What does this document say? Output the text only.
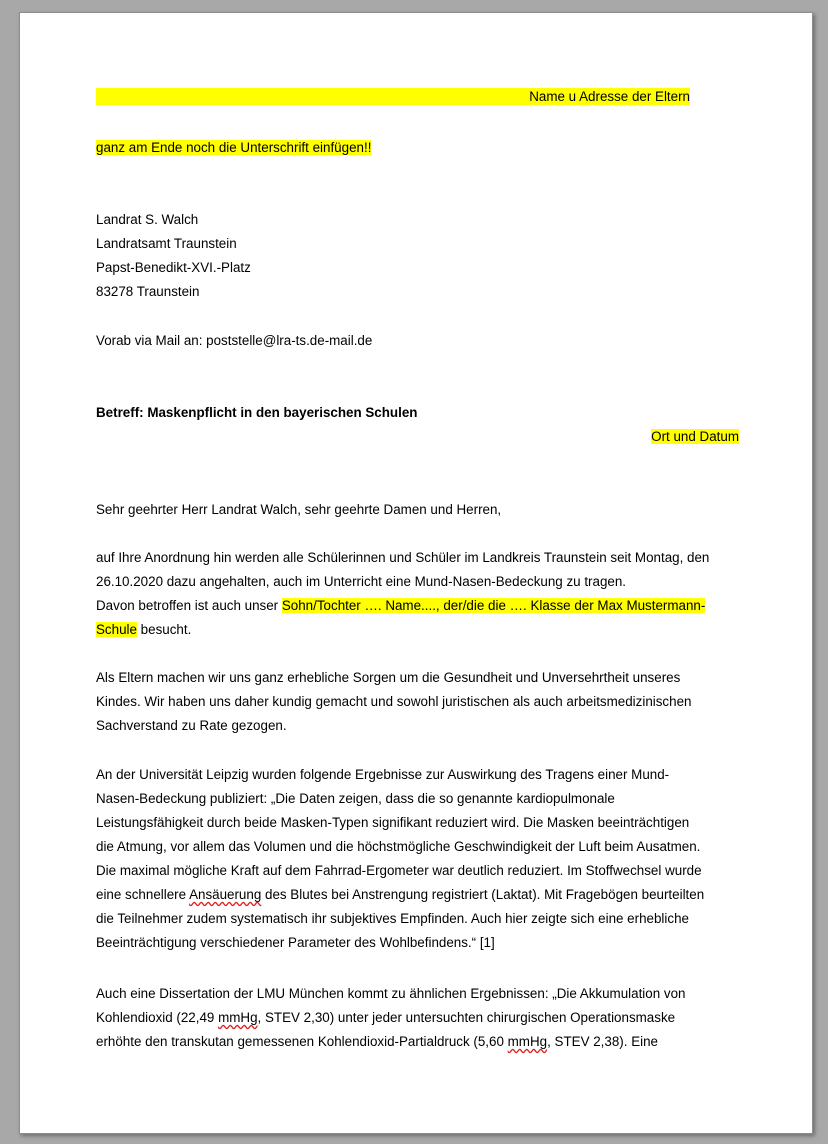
Name u Adresse der Eltern
ganz am Ende noch die Unterschrift einfügen!!
Landrat S. Walch
Landratsamt Traunstein
Papst-Benedikt-XVI.-Platz
83278 Traunstein
Vorab via Mail an: poststelle@lra-ts.de-mail.de
Betreff: Maskenpflicht in den bayerischen Schulen
Ort und Datum
Sehr geehrter Herr Landrat Walch, sehr geehrte Damen und Herren,
auf Ihre Anordnung hin werden alle Schülerinnen und Schüler im Landkreis Traunstein seit Montag, den
26.10.2020 dazu angehalten, auch im Unterricht eine Mund-Nasen-Bedeckung zu tragen.
Davon betroffen ist auch unser Sohn/Tochter …. Name...., der/die die …. Klasse der Max Mustermann-
Schule besucht.
Als Eltern machen wir uns ganz erhebliche Sorgen um die Gesundheit und Unversehrtheit unseres
Kindes. Wir haben uns daher kundig gemacht und sowohl juristischen als auch arbeitsmedizinischen
Sachverstand zu Rate gezogen.
An der Universität Leipzig wurden folgende Ergebnisse zur Auswirkung des Tragens einer Mund-
Nasen-Bedeckung publiziert: „Die Daten zeigen, dass die so genannte kardiopulmonale
Leistungsfähigkeit durch beide Masken-Typen signifikant reduziert wird. Die Masken beeinträchtigen
die Atmung, vor allem das Volumen und die höchstmögliche Geschwindigkeit der Luft beim Ausatmen.
Die maximal mögliche Kraft auf dem Fahrrad-Ergometer war deutlich reduziert. Im Stoffwechsel wurde
eine schnellere Ansäuerung des Blutes bei Anstrengung registriert (Laktat). Mit Fragebögen beurteilten
die Teilnehmer zudem systematisch ihr subjektives Empfinden. Auch hier zeigte sich eine erhebliche
Beeinträchtigung verschiedener Parameter des Wohlbefindens.“ [1]
Auch eine Dissertation der LMU München kommt zu ähnlichen Ergebnissen: „Die Akkumulation von
Kohlendioxid (22,49 mmHg, STEV 2,30) unter jeder untersuchten chirurgischen Operationsmaske
erhöhte den transkutan gemessenen Kohlendioxid-Partialdruck (5,60 mmHg, STEV 2,38). Eine
